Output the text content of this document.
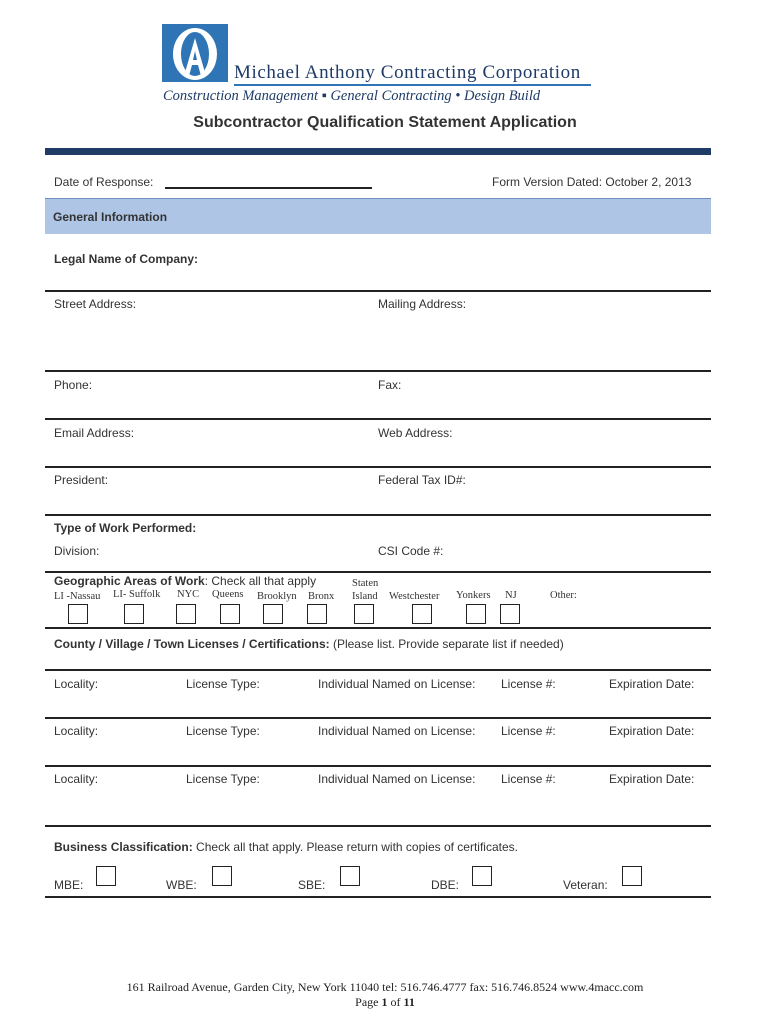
Michael Anthony Contracting Corporation
Construction Management ▪ General Contracting • Design Build
Subcontractor Qualification Statement Application
Date of Response:	Form Version Dated: October 2, 2013
General Information
Legal Name of Company:
Street Address:	Mailing Address:
Phone:	Fax:
Email Address:	Web Address:
President:	Federal Tax ID#:
Type of Work Performed:
Division:	CSI Code #:
Geographic Areas of Work: Check all that apply
LI -Nassau LI- Suffolk NYC Queens Brooklyn Bronx
Staten
Island Westchester Yonkers NJ	Other:
County / Village / Town Licenses / Certifications: (Please list. Provide separate list if needed)
Locality:	License Type:	Individual Named on License: License #:	Expiration Date:
Locality:	License Type:	Individual Named on License: License #:	Expiration Date:
Locality:	License Type:	Individual Named on License: License #:	Expiration Date:
Business Classification: Check all that apply. Please return with copies of certificates.
MBE:	WBE:	SBE:	DBE:	Veteran:
161 Railroad Avenue, Garden City, New York 11040 tel: 516.746.4777 fax: 516.746.8524 www.4macc.com
Page 1 of 11
